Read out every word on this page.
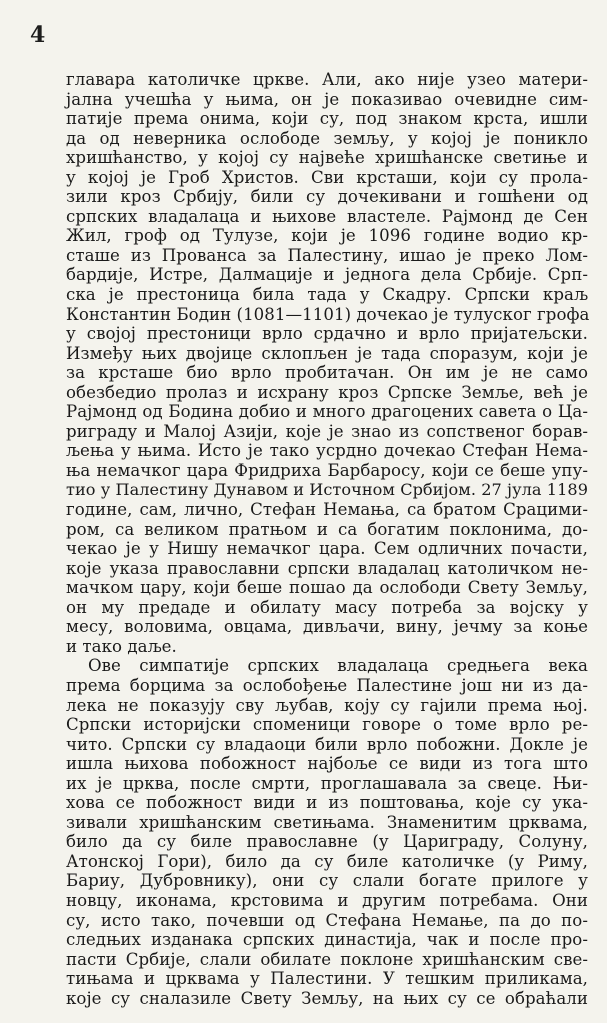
4
главара католичке цркве. Али, ако није узео матери-
јална учешћа у њима, он је показивао очевидне сим-
патије према онима, који су, под знаком крста, ишли
да од неверника ослободе земљу, у којој је поникло
хришћанство, у којој су највеће хришћанске светиње и
у којој је Гроб Христов. Сви крсташи, који су прола-
зили кроз Србију, били су дочекивани и гошћени од
српских владалаца и њихове властеле. Рајмонд де Сен
Жил, гроф од Тулузе, који је 1096 године водио кр-
сташе из Прованса за Палестину, ишао је преко Лом-
бардије, Истре, Далмације и једнога дела Србије. Срп-
ска је престоница била тада у Скадру. Српски краљ
Константин Бодин (1081—1101) дочекао је тулуског грофа
у својој престоници врло срдачно и врло пријатељски.
Између њих двојице склопљен је тада споразум, који је
за крсташе био врло пробитачан. Он им је не само
обезбедио пролаз и исхрану кроз Српске Земље, већ је
Рајмонд од Бодина добио и много драгоцених савета о Ца-
риграду и Малој Азији, које је знао из сопственог борав-
љења у њима. Исто је тако усрдно дочекао Стефан Нема-
ња немачког цара Фридриха Барбаросу, који се беше упу-
тио у Палестину Дунавом и Источном Србијом. 27 јула 1189
године, сам, лично, Стефан Немања, са братом Срацими-
ром, са великом пратњом и са богатим поклонима, до-
чекао је у Нишу немачког цара. Сем одличних почасти,
које указа православни српски владалац католичком не-
мачком цару, који беше пошао да ослободи Свету Земљу,
он му предаде и обилату масу потреба за војску у
месу, воловима, овцама, дивљачи, вину, јечму за коње
и тако даље.
Ове симпатије српских владалаца средњега века
према борцима за ослобођење Палестине још ни из да-
лека не показују сву љубав, коју су гајили према њој.
Српски историјски споменици говоре о томе врло ре-
чито. Српски су владаоци били врло побожни. Докле је
ишла њихова побожност најбоље се види из тога што
их је црква, после смрти, проглашавала за свеце. Њи-
хова се побожност види и из поштовања, које су ука-
зивали хришћанским светињама. Знаменитим црквама,
било да су биле православне (у Цариграду, Солуну,
Атонској Гори), било да су биле католичке (у Риму,
Бариу, Дубровнику), они су слали богате прилоге у
новцу, иконама, крстовима и другим потребама. Они
су, исто тако, почевши од Стефана Немање, па до по-
следњих изданака српских династија, чак и после про-
пасти Србије, слали обилате поклоне хришћанским све-
тињама и црквама у Палестини. У тешким приликама,
које су сналазиле Свету Земљу, на њих су се обраћали
